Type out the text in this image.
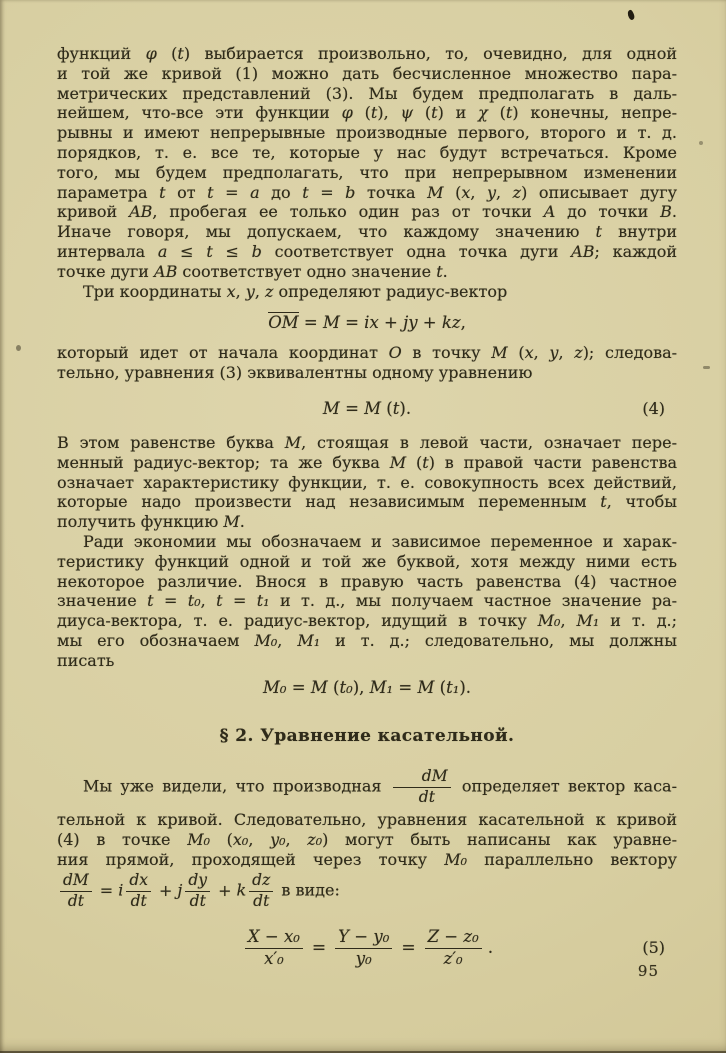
функций φ (t) выбирается произвольно, то, очевидно, для одной
и той же кривой (1) можно дать бесчисленное множество пара-
метрических представлений (3). Мы будем предполагать в даль-
нейшем, что-все эти функции φ (t), ψ (t) и χ (t) конечны, непре-
рывны и имеют непрерывные производные первого, второго и т. д.
порядков, т. е. все те, которые у нас будут встречаться. Кроме
того, мы будем предполагать, что при непрерывном изменении
параметра t от t = a до t = b точка M (x, y, z) описывает дугу
кривой AB, пробегая ее только один раз от точки A до точки B.
Иначе говоря, мы допускаем, что каждому значению t внутри
интервала a ≤ t ≤ b соответствует одна точка дуги AB; каждой
точке дуги AB соответствует одно значение t.
Три координаты x, y, z определяют радиус-вектор
OM = M = ix + jy + kz,
который идет от начала координат O в точку M (x, y, z); следова-
тельно, уравнения (3) эквивалентны одному уравнению
M = M (t).	(4)
В этом равенстве буква M, стоящая в левой части, означает пере-
менный радиус-вектор; та же буква M (t) в правой части равенства
означает характеристику функции, т. е. совокупность всех действий,
которые надо произвести над независимым переменным t, чтобы
получить функцию M.
Ради экономии мы обозначаем и зависимое переменное и харак-
теристику функций одной и той же буквой, хотя между ними есть
некоторое различие. Внося в правую часть равенства (4) частное
значение t = t₀, t = t₁ и т. д., мы получаем частное значение ра-
диуса-вектора, т. е. радиус-вектор, идущий в точку M₀, M₁ и т. д.;
мы его обозначаем M₀, M₁ и т. д.; следовательно, мы должны
писать
M₀ = M (t₀), M₁ = M (t₁).
§ 2. Уравнение касательной.
Мы уже видели, что производная $\frac{dM}{dt}$ определяет вектор каса-
тельной к кривой. Следовательно, уравнения касательной к кривой
(4) в точке M₀ (x₀, y₀, z₀) могут быть написаны как уравне-
ния прямой, проходящей через точку M₀ параллельно вектору
$\frac{dM}{dt} = i \frac{dx}{dt} + j \frac{dy}{dt} + k \frac{dz}{dt}$ в виде:
$\frac{\text{X − x₀}}{\text{x′₀}} = \frac{\text{Y − y₀}}{\text{y₀}} = \frac{\text{Z − z₀}}{\text{z′₀}}$ .	(5)
95
